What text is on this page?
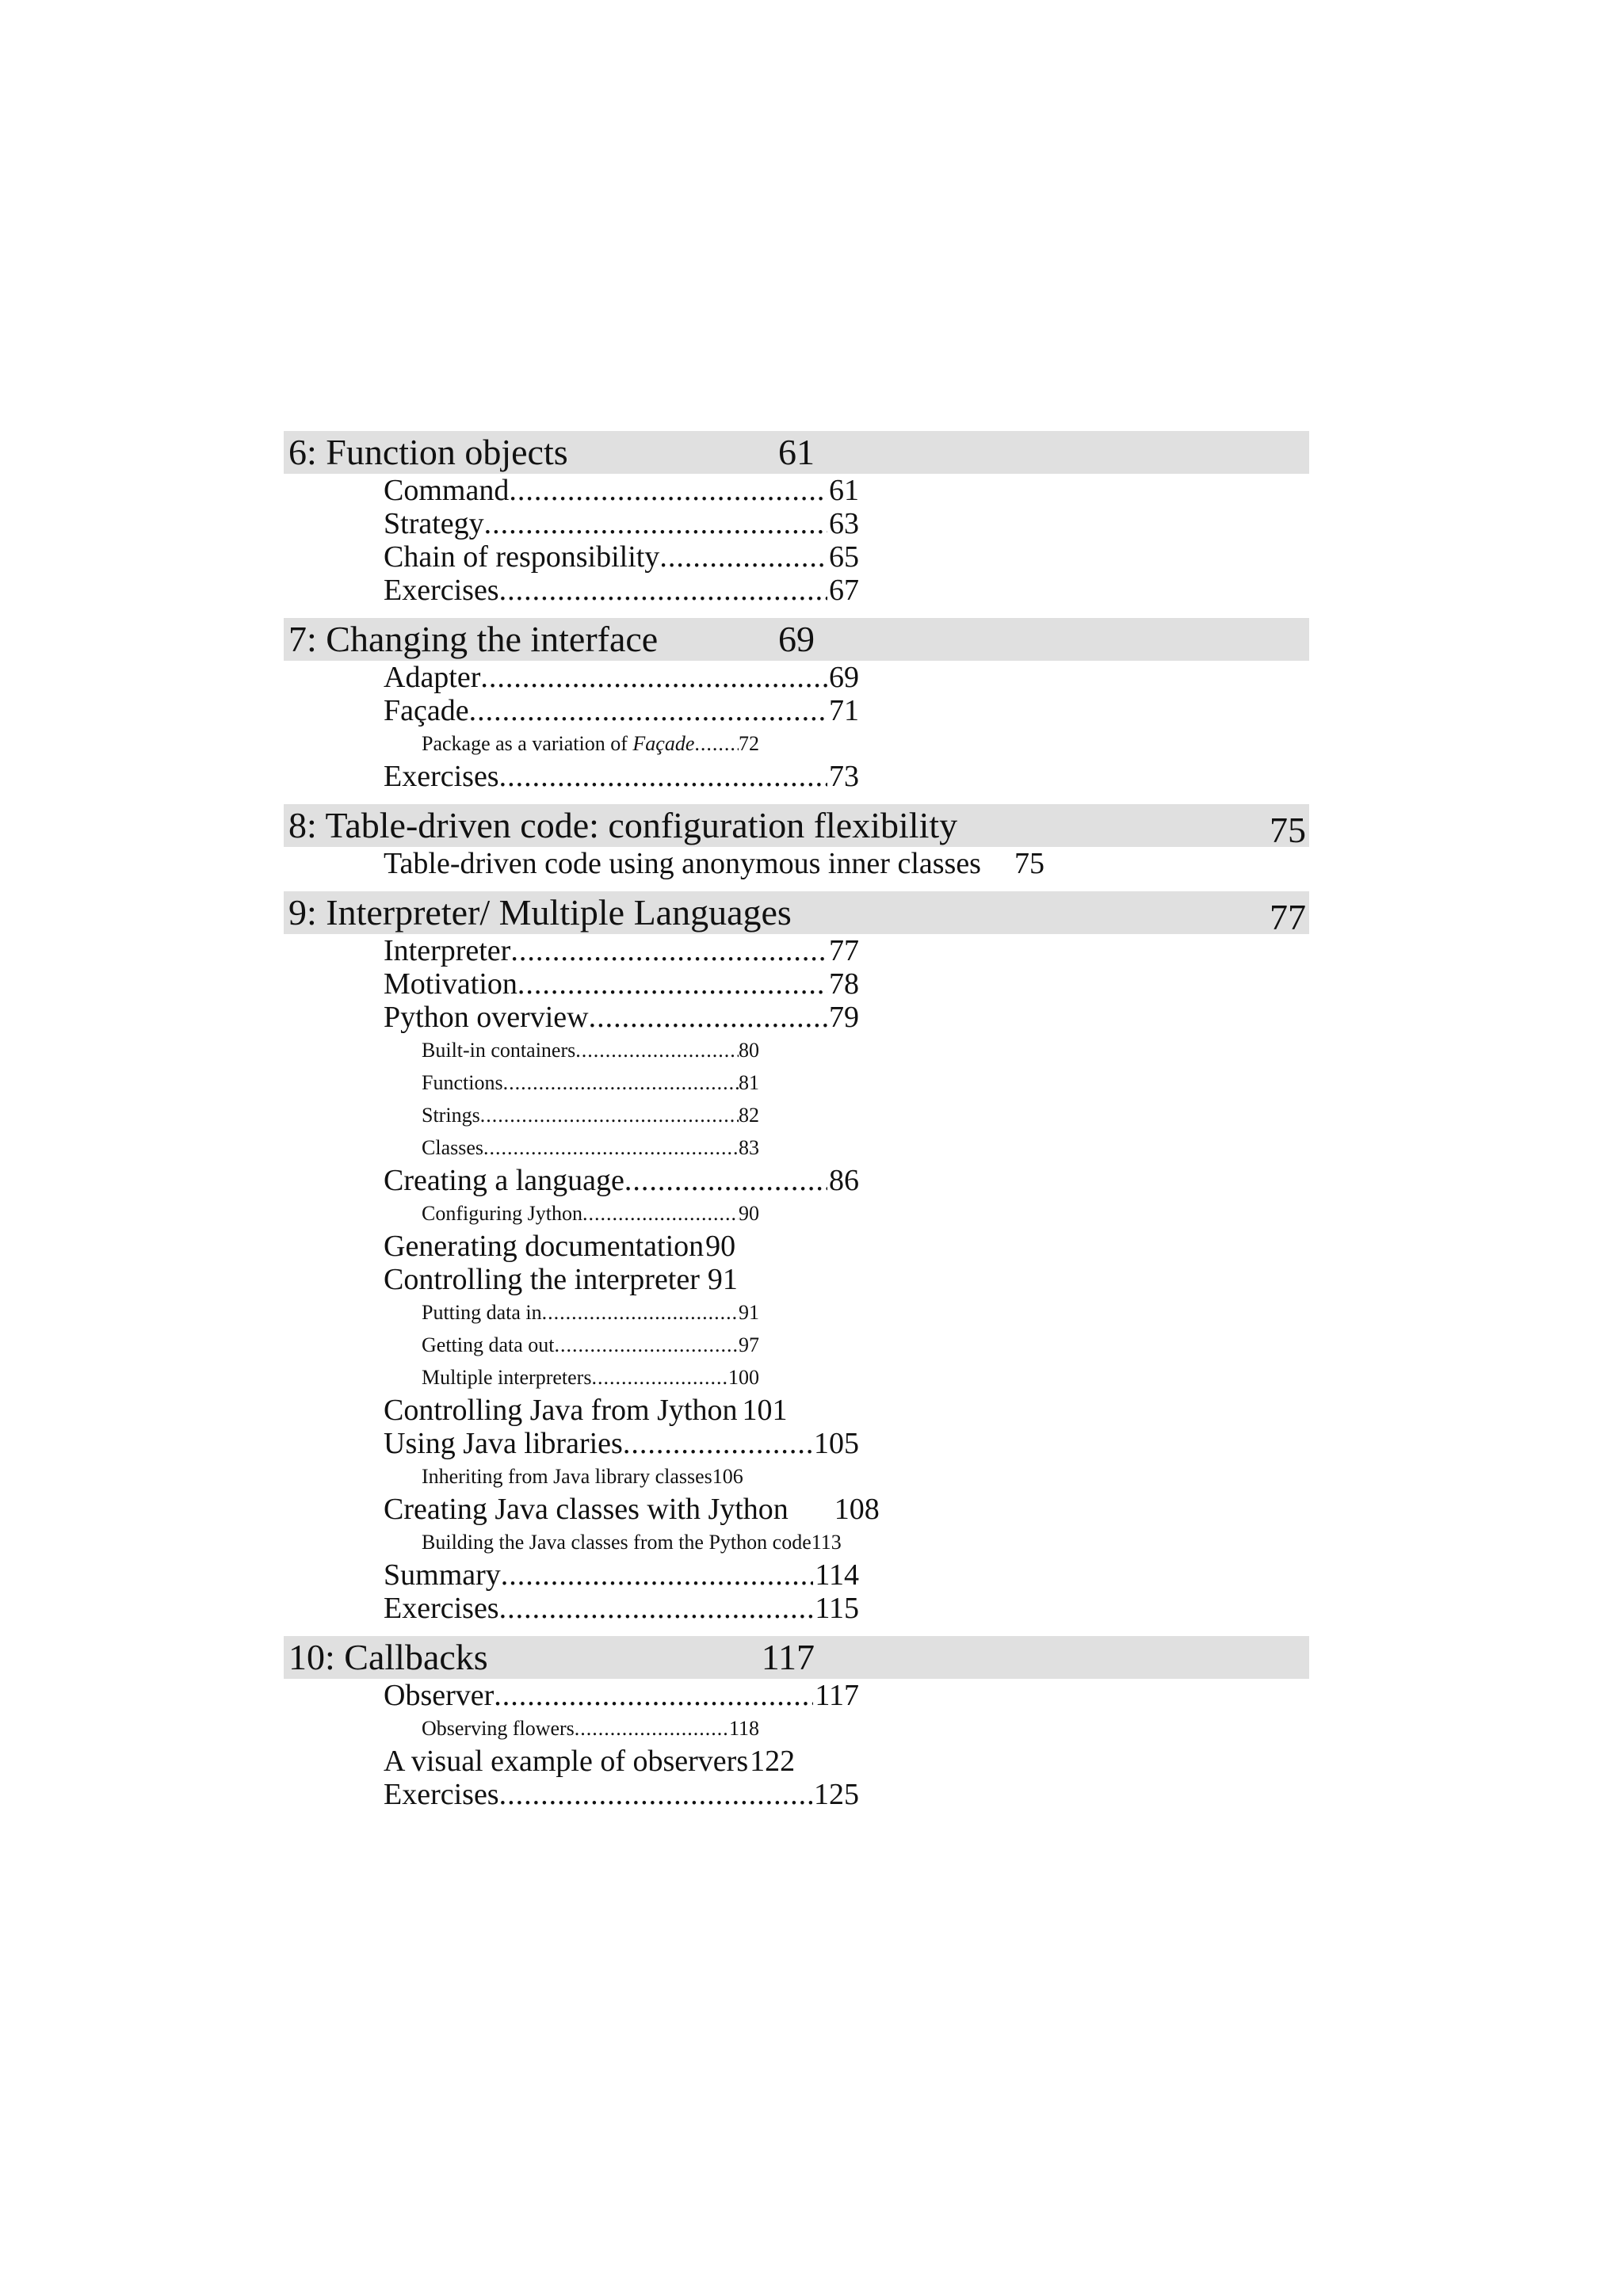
6: Function objects	61
Command .....	61
Strategy .....	63
Chain of responsibility .....	65
Exercises .....	67
7: Changing the interface	69
Adapter .....	69
Façade .....	71
Package as a variation of Façade ..... 72
Exercises .....	73
8: Table-driven code: configuration flexibility	75
Table-driven code using anonymous inner classes 75
9: Interpreter/ Multiple Languages	77
Interpreter .....	77
Motivation .....	78
Python overview .....	79
Built-in containers .....	80
Functions .....	81
Strings .....	82
Classes .....	83
Creating a language .....	86
Configuring Jython .....	90
Generating documentation 90
Controlling the interpreter 91
Putting data in .....	91
Getting data out .....	97
Multiple interpreters .....	100
Controlling Java from Jython 101
Using Java libraries .....	105
Inheriting from Java library classes 106
Creating Java classes with Jython 108
Building the Java classes from the Python code 113
Summary .....	114
Exercises .....	115
10: Callbacks	117
Observer .....	117
Observing flowers .....	118
A visual example of observers 122
Exercises .....	125
